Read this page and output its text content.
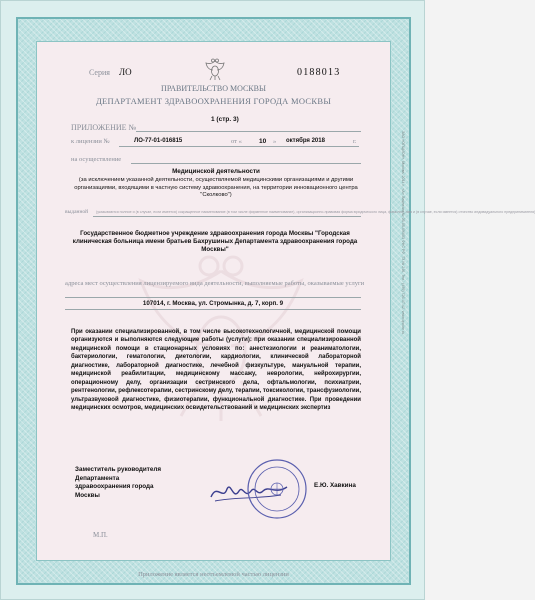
Серия ЛО	0188013
ПРАВИТЕЛЬСТВО МОСКВЫ
ДЕПАРТАМЕНТ ЗДРАВООХРАНЕНИЯ ГОРОДА МОСКВЫ
ПРИЛОЖЕНИЕ №
1 (стр. 3)
к лицензии №	ЛО-77-01-016815	от «	10 » октября 2018	г.
на осуществление
Медицинской деятельности
(за исключением указанной деятельности, осуществляемой медицинскими организациями и другими организациями, входящими в частную систему здравоохранения, на территории инновационного центра "Сколково")
выданной (указываются полное и (в случае, если имеется) сокращенное наименование (в том числе фирменное наименование), организационно-правовая форма юридического лица, фамилия, имя и (в случае, если имеется) отчество индивидуального предпринимателя)
Государственное бюджетное учреждение здравоохранения города Москвы "Городская клиническая больница имени братьев Бахрушиных Департамента здравоохранения города Москвы"
адреса мест осуществления лицензируемого вида деятельности, выполняемые работы, оказываемые услуги
107014, г. Москва, ул. Стромынка, д. 7, корп. 9
При оказании специализированной, в том числе высокотехнологичной, медицинской помощи организуются и выполняются следующие работы (услуги): при оказании специализированной медицинской помощи в стационарных условиях по: анестезиологии и реаниматологии, бактериологии, гематологии, диетологии, кардиологии, клинической лабораторной диагностике, лабораторной диагностике, лечебной физкультуре, мануальной терапии, медицинской реабилитации, медицинскому массажу, неврологии, нейрохирургии, операционному делу, организации сестринского дела, офтальмологии, психиатрии, рентгенологии, рефлексотерапии, сестринскому делу, терапии, токсикологии, трансфузиологии, ультразвуковой диагностике, физиотерапии, функциональной диагностике. При проведении медицинских осмотров, медицинских освидетельствований и медицинских экспертиз
Заместитель руководителя
Департамента
здравоохранения города
Москвы
Е.Ю. Хавкина
М.П.
Приложение является неотъемлемой частью лицензии
ЗАО «ОПЦИОН», Москва, 2014 г., «А» Лицензия № 05-05-09/003 ФНС РФ, ТЗ № 246. Тел.: (495) 726-47-42, www.opcion.ru
